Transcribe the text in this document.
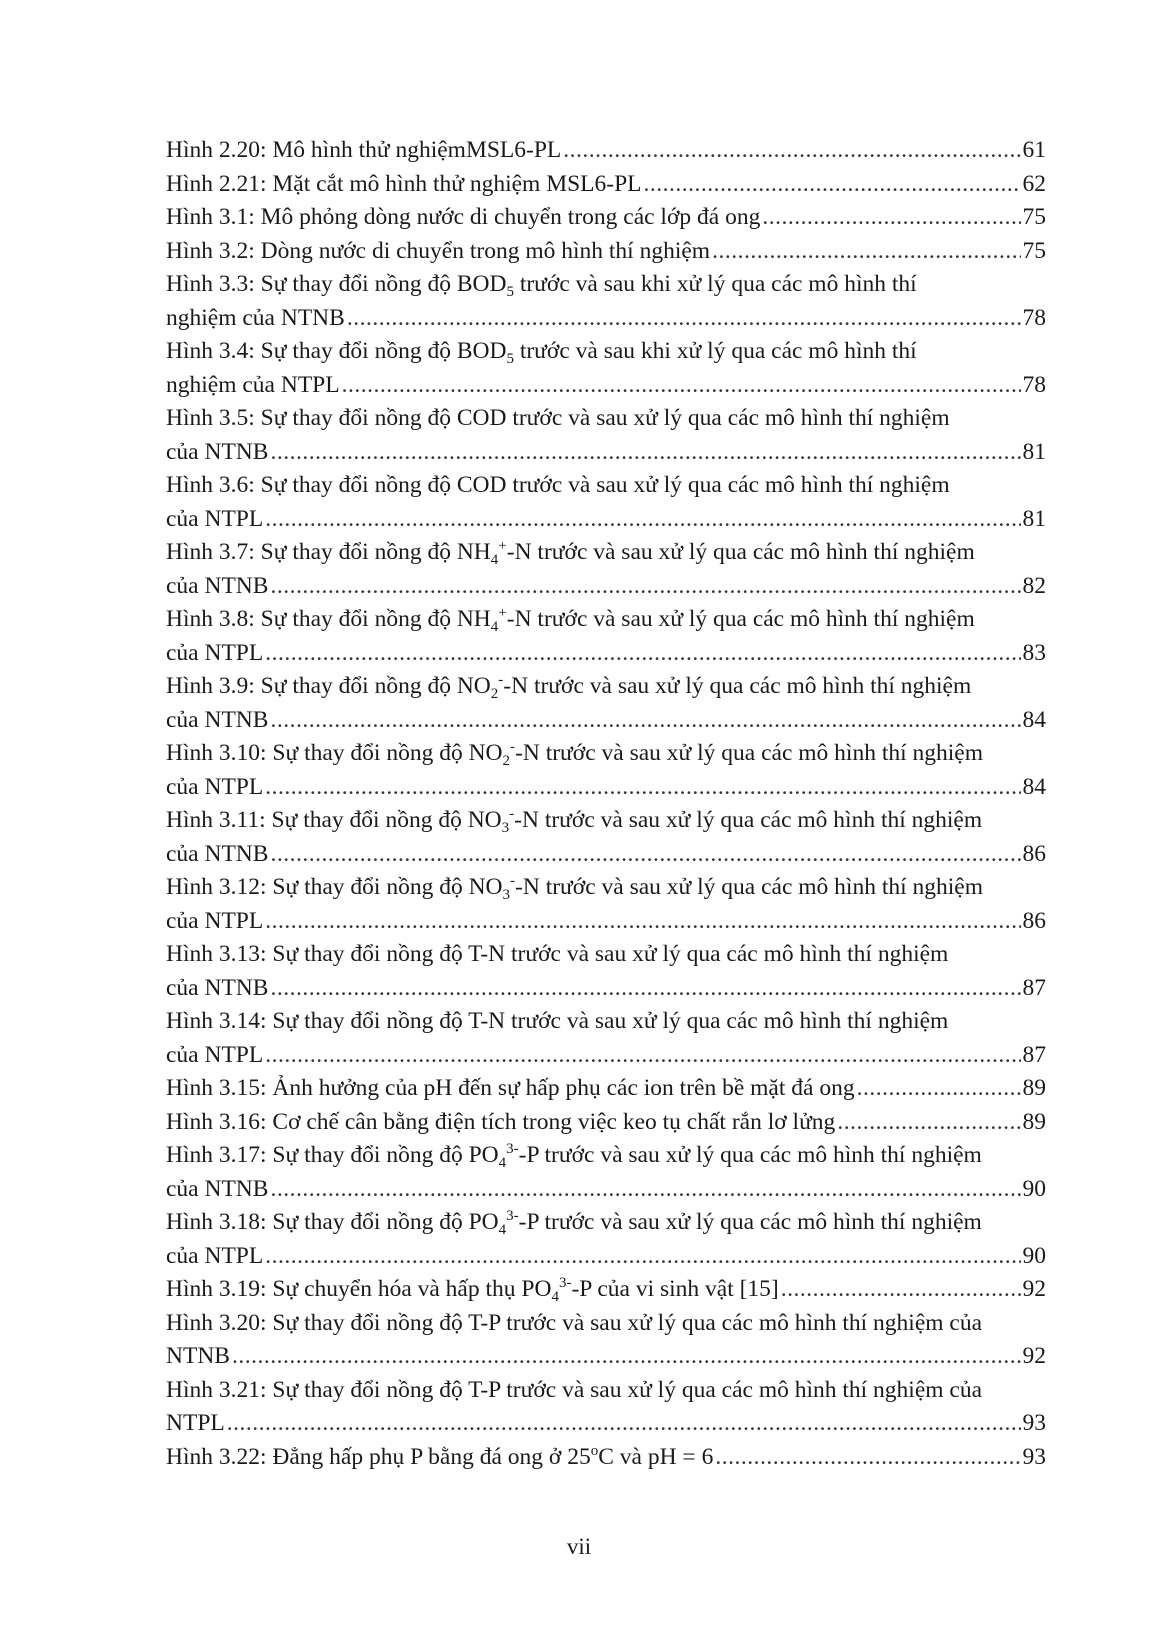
Hình 2.20: Mô hình thử nghiệmMSL6-PL .....	61
Hình 2.21: Mặt cắt mô hình thử nghiệm MSL6-PL .....	62
Hình 3.1: Mô phỏng dòng nước di chuyển trong các lớp đá ong .....	75
Hình 3.2: Dòng nước di chuyển trong mô hình thí nghiệm .....	75
Hình 3.3: Sự thay đổi nồng độ $BOD_5$ trước và sau khi xử lý qua các mô hình thí
nghiệm của NTNB .....	78
Hình 3.4: Sự thay đổi nồng độ $BOD_5$ trước và sau khi xử lý qua các mô hình thí
nghiệm của NTPL .....	78
Hình 3.5: Sự thay đổi nồng độ COD trước và sau xử lý qua các mô hình thí nghiệm
của NTNB .....	81
Hình 3.6: Sự thay đổi nồng độ COD trước và sau xử lý qua các mô hình thí nghiệm
của NTPL .....	81
Hình 3.7: Sự thay đổi nồng độ $NH_4^+-N$ trước và sau xử lý qua các mô hình thí nghiệm
của NTNB .....	82
Hình 3.8: Sự thay đổi nồng độ $NH_4^+-N$ trước và sau xử lý qua các mô hình thí nghiệm
của NTPL .....	83
Hình 3.9: Sự thay đổi nồng độ $NO_2^--N$ trước và sau xử lý qua các mô hình thí nghiệm
của NTNB .....	84
Hình 3.10: Sự thay đổi nồng độ $NO_2^--N$ trước và sau xử lý qua các mô hình thí nghiệm
của NTPL .....	84
Hình 3.11: Sự thay đổi nồng độ $NO_3^--N$ trước và sau xử lý qua các mô hình thí nghiệm
của NTNB .....	86
Hình 3.12: Sự thay đổi nồng độ $NO_3^--N$ trước và sau xử lý qua các mô hình thí nghiệm
của NTPL .....	86
Hình 3.13: Sự thay đổi nồng độ T-N trước và sau xử lý qua các mô hình thí nghiệm
của NTNB .....	87
Hình 3.14: Sự thay đổi nồng độ T-N trước và sau xử lý qua các mô hình thí nghiệm
của NTPL .....	87
Hình 3.15: Ảnh hưởng của pH đến sự hấp phụ các ion trên bề mặt đá ong .....	89
Hình 3.16: Cơ chế cân bằng điện tích trong việc keo tụ chất rắn lơ lửng .....	89
Hình 3.17: Sự thay đổi nồng độ $PO_4^{3-}-P$ trước và sau xử lý qua các mô hình thí nghiệm
của NTNB .....	90
Hình 3.18: Sự thay đổi nồng độ $PO_4^{3-}-P$ trước và sau xử lý qua các mô hình thí nghiệm
của NTPL .....	90
Hình 3.19: Sự chuyển hóa và hấp thụ $PO_4^{3-}-P$ của vi sinh vật [15] .....	92
Hình 3.20: Sự thay đổi nồng độ T-P trước và sau xử lý qua các mô hình thí nghiệm của
NTNB .....	92
Hình 3.21: Sự thay đổi nồng độ T-P trước và sau xử lý qua các mô hình thí nghiệm của
NTPL .....	93
Hình 3.22: Đẳng hấp phụ P bằng đá ong ở 25$^o$C và pH = 6 .....	93
vii
